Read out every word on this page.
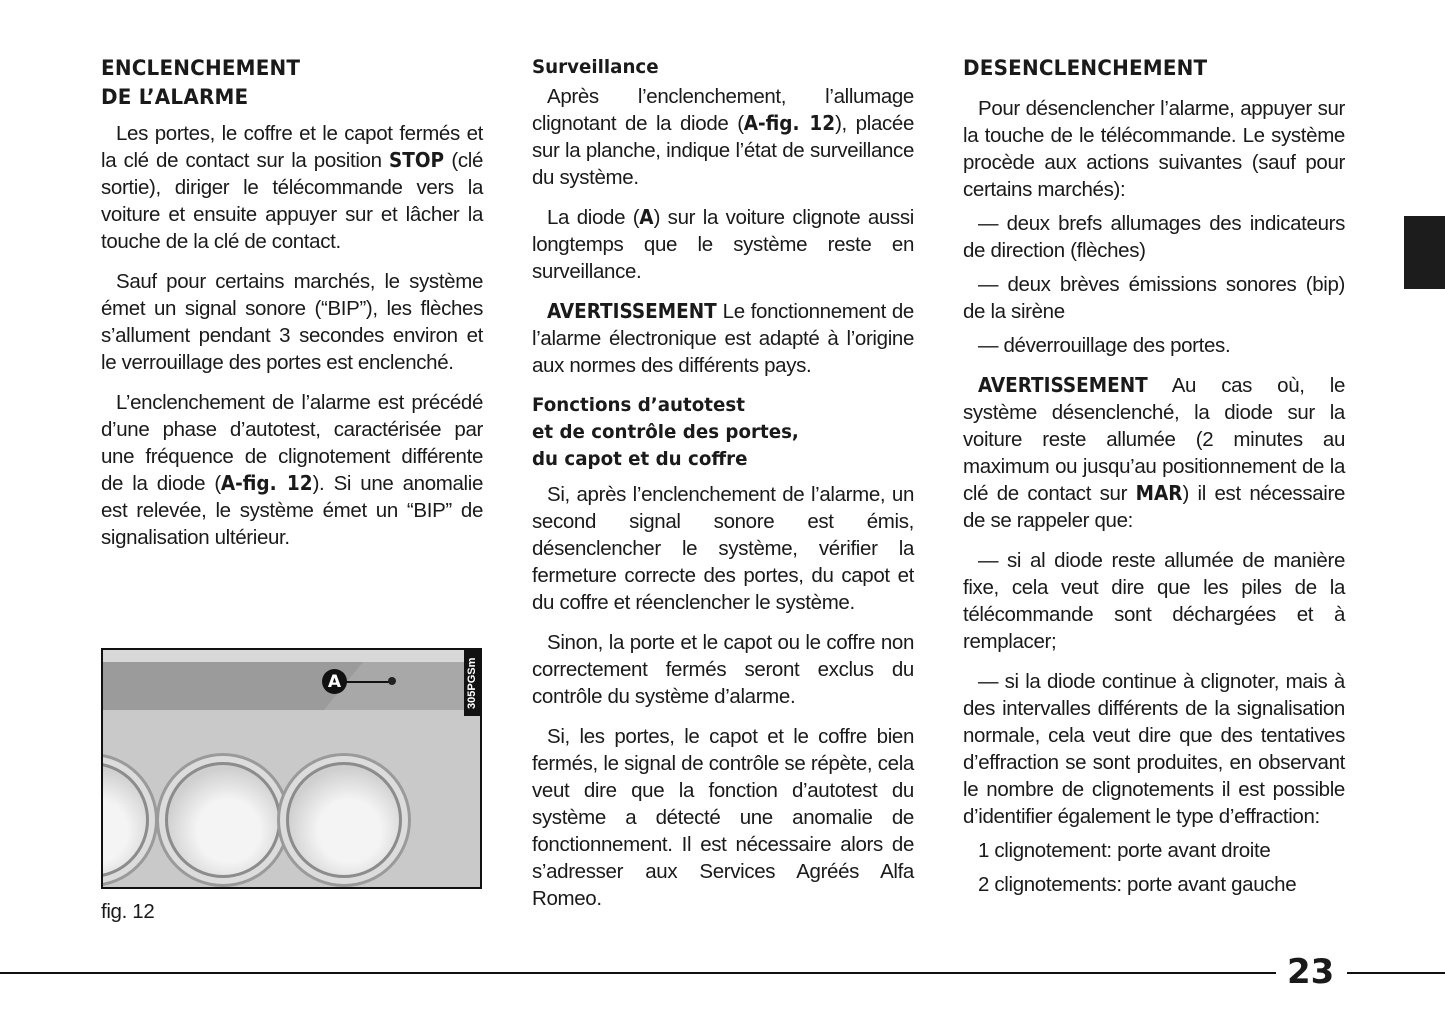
ENCLENCHEMENT
DE L’ALARME

Les portes, le coffre et le capot fermés et la clé de contact sur la position STOP (clé sortie), diriger le télécommande vers la voiture et ensuite appuyer sur et lâcher la touche de la clé de contact.

Sauf pour certains marchés, le système émet un signal sonore (“BIP”), les flèches s’allument pendant 3 secondes environ et le verrouillage des portes est enclenché.

L’enclenchement de l’alarme est précédé d’une phase d’autotest, caractérisée par une fréquence de clignotement différente de la diode (A-fig. 12). Si une anomalie est relevée, le système émet un “BIP” de signalisation ultérieur.

A	305PGSm
fig. 12
Surveillance

Après l’enclenchement, l’allumage clignotant de la diode (A-fig. 12), placée sur la planche, indique l’état de surveillance du système.

La diode (A) sur la voiture clignote aussi longtemps que le système reste en surveillance.

AVERTISSEMENT Le fonctionnement de l’alarme électronique est adapté à l’origine aux normes des différents pays.

Fonctions d’autotest
et de contrôle des portes,
du capot et du coffre

Si, après l’enclenchement de l’alarme, un second signal sonore est émis, désenclencher le système, vérifier la fermeture correcte des portes, du capot et du coffre et réenclencher le système.

Sinon, la porte et le capot ou le coffre non correctement fermés seront exclus du contrôle du système d’alarme.

Si, les portes, le capot et le coffre bien fermés, le signal de contrôle se répète, cela veut dire que la fonction d’autotest du système a détecté une anomalie de fonctionnement. Il est nécessaire alors de s’adresser aux Services Agréés Alfa Romeo.

DESENCLENCHEMENT

Pour désenclencher l’alarme, appuyer sur la touche de le télécommande. Le système procède aux actions suivantes (sauf pour certains marchés):

— deux brefs allumages des indicateurs de direction (flèches)

— deux brèves émissions sonores (bip) de la sirène

— déverrouillage des portes.

AVERTISSEMENT Au cas où, le système désenclenché, la diode sur la voiture reste allumée (2 minutes au maximum ou jusqu’au positionnement de la clé de contact sur MAR) il est nécessaire de se rappeler que:

— si al diode reste allumée de manière fixe, cela veut dire que les piles de la télécommande sont déchargées et à remplacer;

— si la diode continue à clignoter, mais à des intervalles différents de la signalisation normale, cela veut dire que des tentatives d’effraction se sont produites, en observant le nombre de clignotements il est possible d’identifier également le type d’effraction:

1 clignotement: porte avant droite

2 clignotements: porte avant gauche

23
